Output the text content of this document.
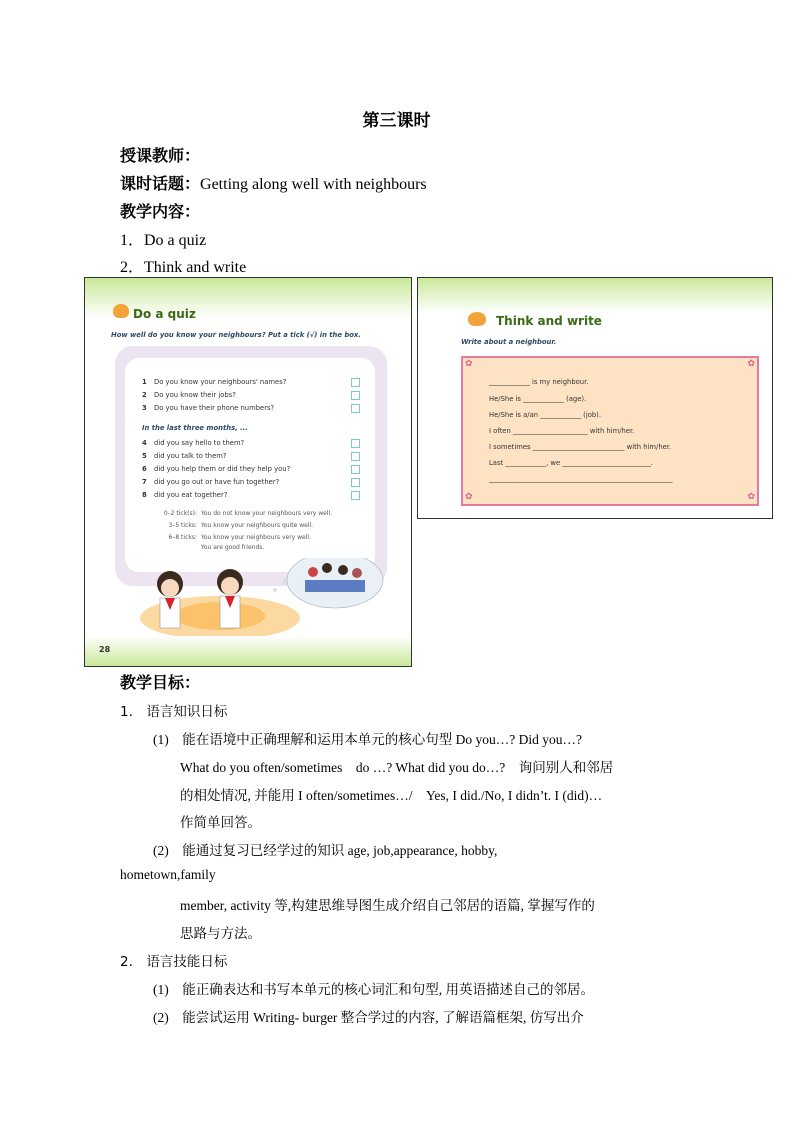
第三课时
授课教师：
课时话题：Getting along well with neighbours
教学内容：
1．Do a quiz
2．Think and write
Do a quiz
How well do you know your neighbours? Put a tick (√) in the box.
1 Do you know your neighbours' names?
2 Do you know their jobs?
3 Do you have their phone numbers?
In the last three months, ...
4 did you say hello to them?
5 did you talk to them?
6 did you help them or did they help you?
7 did you go out or have fun together?
8 did you eat together?
0–2 tick(s): You do not know your neighbours very well.
3–5 ticks: You know your neighbours quite well.
6–8 ticks: You know your neighbours very well.
You are good friends.
28
Think and write
Write about a neighbour.
✿	✿
✿	✿
____________ is my neighbour.
He/She is ____________ (age).
He/She is a/an ____________ (job).
I often ______________________ with him/her.
I sometimes ___________________________ with him/her.
Last ____________, we __________________________.
______________________________________________________
教学目标：
1.　语言知识日标
(1)　能在语境中正确理解和运用本单元的核心句型 Do you…? Did you…?
What do you often/sometimes　do …? What did you do…?　询问别人和邻居
的相处情况, 并能用 I often/sometimes…/　Yes, I did./No, I didn’t. I (did)…
作简单回答。
(2)　能通过复习已经学过的知识 age, job,appearance, hobby,
hometown,family
member, activity 等,构建思维导图生成介绍自己邻居的语篇, 掌握写作的
思路与方法。
2.　语言技能日标
(1)　能正确表达和书写本单元的核心词汇和句型, 用英语描述自己的邻居。
(2)　能尝试运用 Writing- burger 整合学过的内容, 了解语篇框架, 仿写出介
